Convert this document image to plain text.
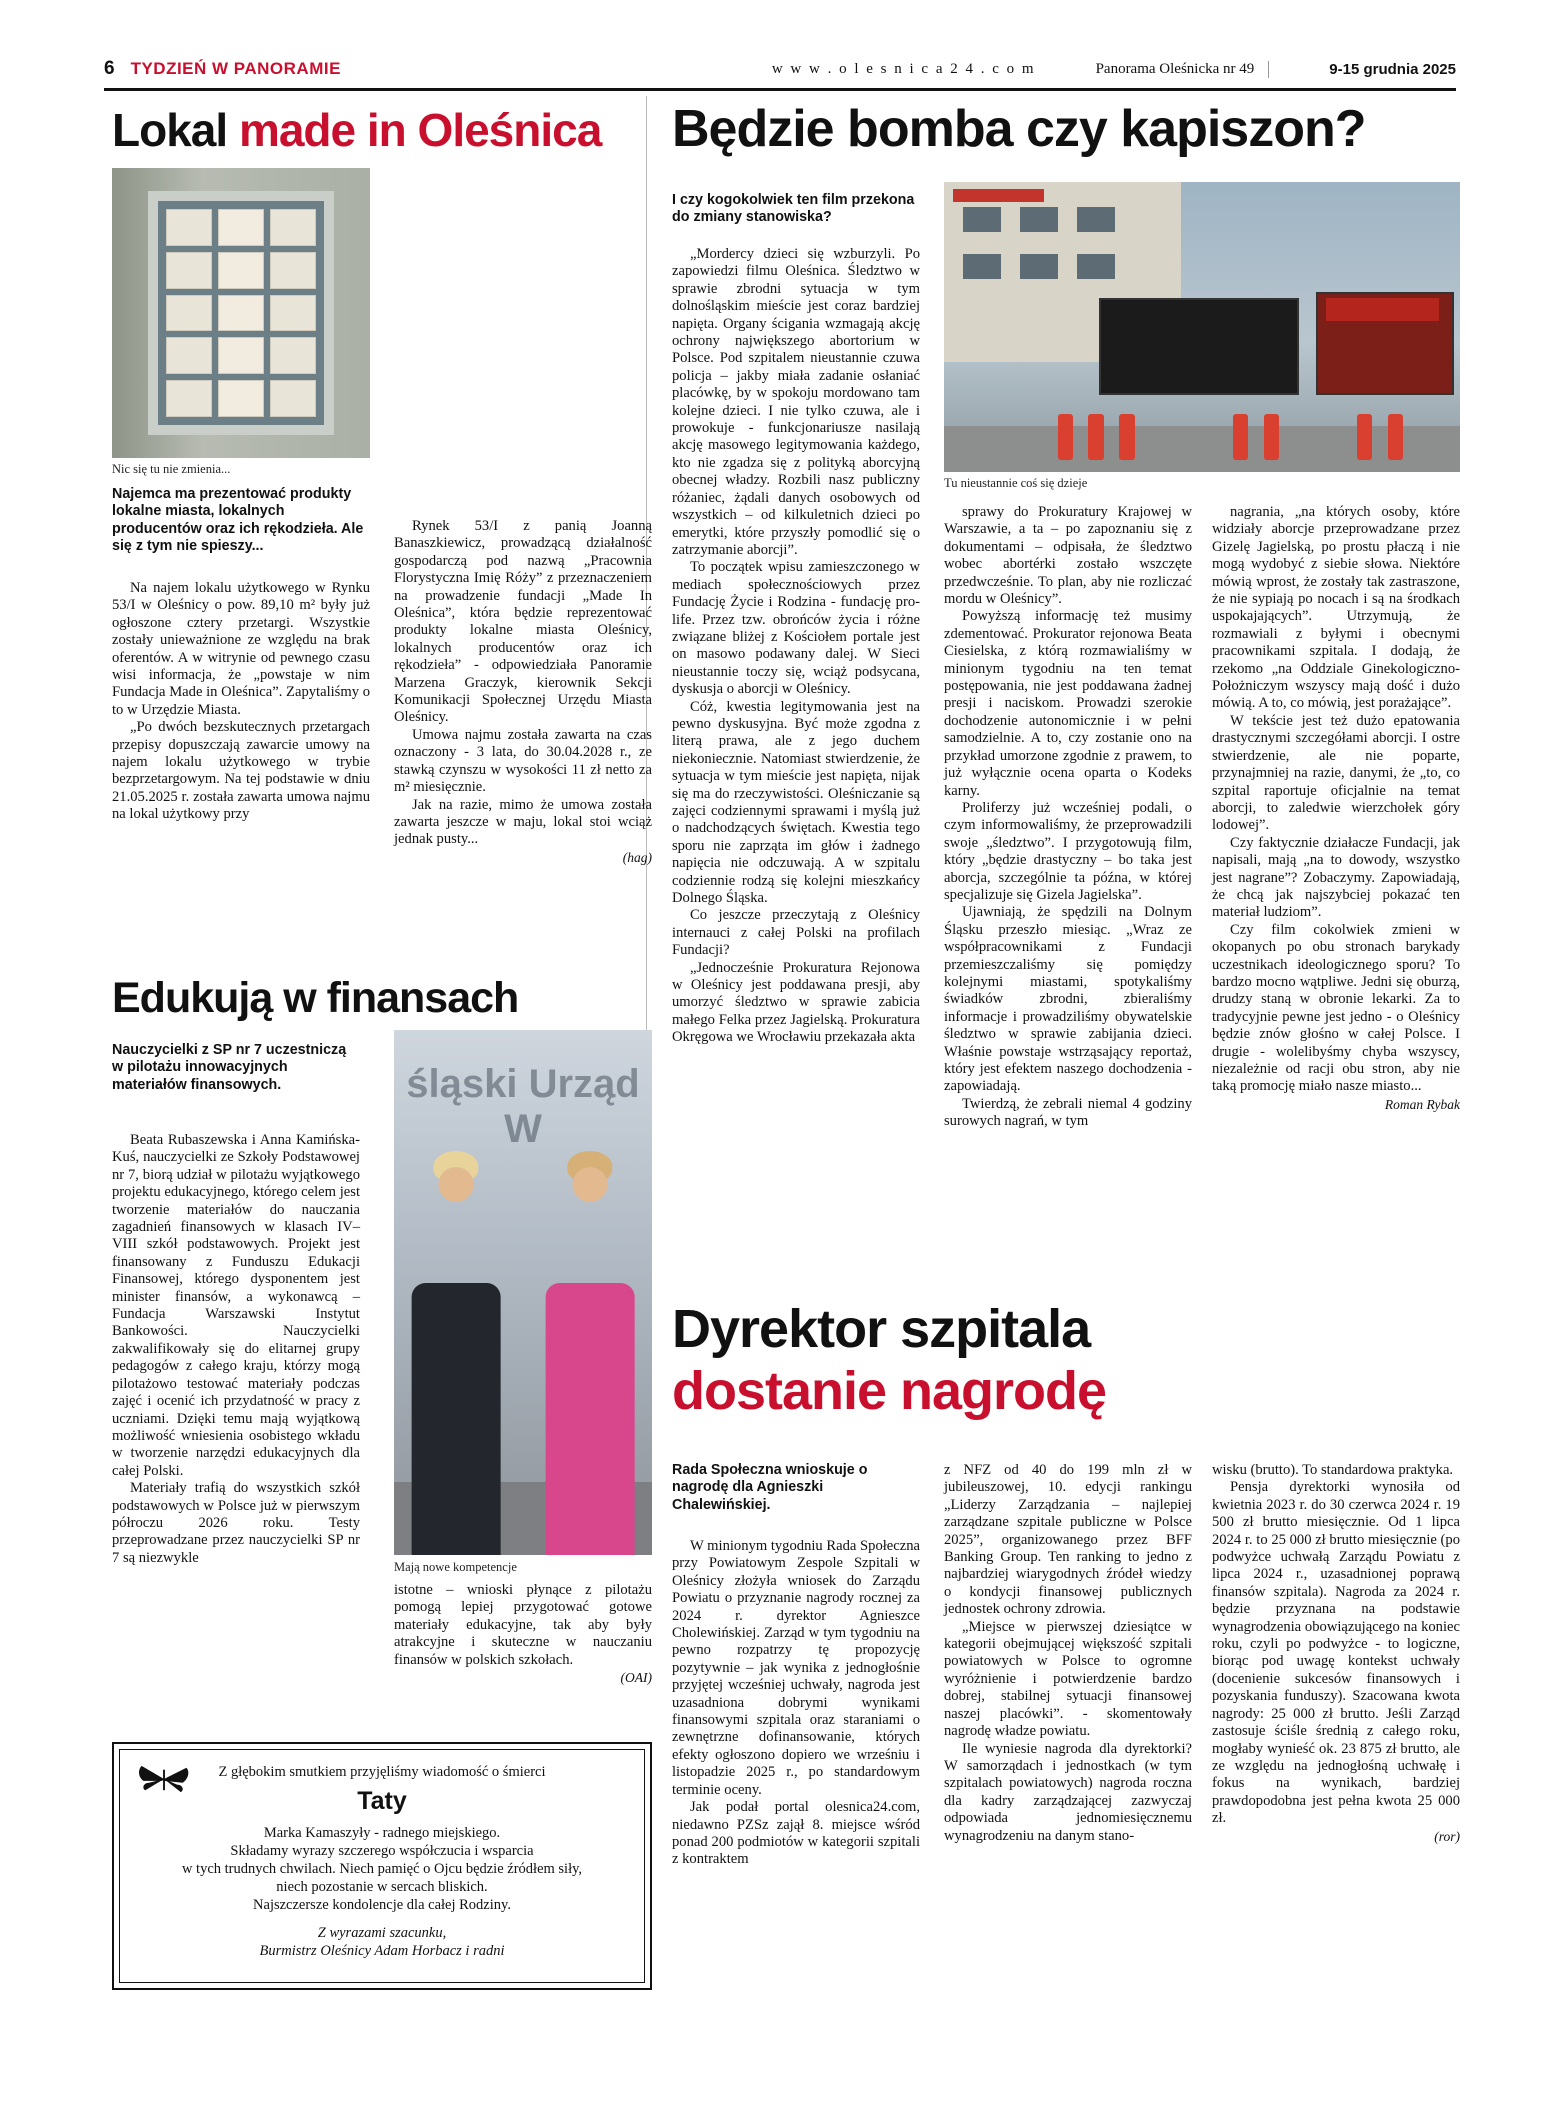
6 TYDZIEŃ W PANORAMIE	w w w . o l e s n i c a 2 4 . c o m	Panorama Oleśnicka nr 49	9-15 grudnia 2025
Lokal made in Oleśnica
Nic się tu nie zmienia...
Najemca ma prezentować produkty lokalne miasta, lokalnych producentów oraz ich rękodzieła. Ale się z tym nie spieszy...

Na najem lokalu użytkowego w Rynku 53/I w Oleśnicy o pow. 89,10 m² były już ogłoszone cztery przetargi. Wszystkie zostały unieważnione ze względu na brak oferentów. A w witrynie od pewnego czasu wisi informacja, że „powstaje w nim Fundacja Made in Oleśnica”. Zapytaliśmy o to w Urzędzie Miasta.

„Po dwóch bezskutecznych przetargach przepisy dopuszczają zawarcie umowy na najem lokalu użytkowego w trybie bezprzetargowym. Na tej podstawie w dniu 21.05.2025 r. została zawarta umowa najmu na lokal użytkowy przy

Rynek 53/I z panią Joanną Banaszkiewicz, prowadzącą działalność gospodarczą pod nazwą „Pracownia Florystyczna Imię Róży” z przeznaczeniem na prowadzenie fundacji „Made In Oleśnica”, która będzie reprezentować produkty lokalne miasta Oleśnicy, lokalnych producentów oraz ich rękodzieła” - odpowiedziała Panoramie Marzena Graczyk, kierownik Sekcji Komunikacji Społecznej Urzędu Miasta Oleśnicy.

Umowa najmu została zawarta na czas oznaczony - 3 lata, do 30.04.2028 r., ze stawką czynszu w wysokości 11 zł netto za m² miesięcznie.

Jak na razie, mimo że umowa została zawarta jeszcze w maju, lokal stoi wciąż jednak pusty...

(hag)

Edukują w finansach
Nauczycielki z SP nr 7 uczestniczą w pilotażu innowacyjnych materiałów finansowych.	śląski Urząd W
Mają nowe kompetencje

Beata Rubaszewska i Anna Kamińska-Kuś, nauczycielki ze Szkoły Podstawowej nr 7, biorą udział w pilotażu wyjątkowego projektu edukacyjnego, którego celem jest tworzenie materiałów do nauczania zagadnień finansowych w klasach IV–VIII szkół podstawowych. Projekt jest finansowany z Funduszu Edukacji Finansowej, którego dysponentem jest minister finansów, a wykonawcą – Fundacja Warszawski Instytut Bankowości. Nauczycielki zakwalifikowały się do elitarnej grupy pedagogów z całego kraju, którzy mogą pilotażowo testować materiały podczas zajęć i ocenić ich przydatność w pracy z uczniami. Dzięki temu mają wyjątkową możliwość wniesienia osobistego wkładu w tworzenie narzędzi edukacyjnych dla całej Polski.

Materiały trafią do wszystkich szkół podstawowych w Polsce już w pierwszym półroczu 2026 roku. Testy przeprowadzane przez nauczycielki SP nr 7 są niezwykle

istotne – wnioski płynące z pilotażu pomogą lepiej przygotować gotowe materiały edukacyjne, tak aby były atrakcyjne i skuteczne w nauczaniu finansów w polskich szkołach.

(OAI)

Będzie bomba czy kapiszon?
Tu nieustannie coś się dzieje
I czy kogokolwiek ten film przekona do zmiany stanowiska?

„Mordercy dzieci się wzburzyli. Po zapowiedzi filmu Oleśnica. Śledztwo w sprawie zbrodni sytuacja w tym dolnośląskim mieście jest coraz bardziej napięta. Organy ścigania wzmagają akcję ochrony największego abortorium w Polsce. Pod szpitalem nieustannie czuwa policja – jakby miała zadanie osłaniać placówkę, by w spokoju mordowano tam kolejne dzieci. I nie tylko czuwa, ale i prowokuje - funkcjonariusze nasilają akcję masowego legitymowania każdego, kto nie zgadza się z polityką aborcyjną obecnej władzy. Rozbili nasz publiczny różaniec, żądali danych osobowych od wszystkich – od kilkuletnich dzieci po emerytki, które przyszły pomodlić się o zatrzymanie aborcji”.

To początek wpisu zamieszczonego w mediach społecznościowych przez Fundację Życie i Rodzina - fundację pro-life. Przez tzw. obrońców życia i różne związane bliżej z Kościołem portale jest on masowo podawany dalej. W Sieci nieustannie toczy się, wciąż podsycana, dyskusja o aborcji w Oleśnicy.

Cóż, kwestia legitymowania jest na pewno dyskusyjna. Być może zgodna z literą prawa, ale z jego duchem niekoniecznie. Natomiast stwierdzenie, że sytuacja w tym mieście jest napięta, nijak się ma do rzeczywistości. Oleśniczanie są zajęci codziennymi sprawami i myślą już o nadchodzących świętach. Kwestia tego sporu nie zaprząta im głów i żadnego napięcia nie odczuwają. A w szpitalu codziennie rodzą się kolejni mieszkańcy Dolnego Śląska.

Co jeszcze przeczytają z Oleśnicy internauci z całej Polski na profilach Fundacji?

„Jednocześnie Prokuratura Rejonowa w Oleśnicy jest poddawana presji, aby umorzyć śledztwo w sprawie zabicia małego Felka przez Jagielską. Prokuratura Okręgowa we Wrocławiu przekazała akta

sprawy do Prokuratury Krajowej w Warszawie, a ta – po zapoznaniu się z dokumentami – odpisała, że śledztwo wobec abortérki zostało wszczęte przedwcześnie. To plan, aby nie rozliczać mordu w Oleśnicy”.

Powyższą informację też musimy zdementować. Prokurator rejonowa Beata Ciesielska, z którą rozmawialiśmy w minionym tygodniu na ten temat postępowania, nie jest poddawana żadnej presji i naciskom. Prowadzi szerokie dochodzenie autonomicznie i w pełni samodzielnie. A to, czy zostanie ono na przykład umorzone zgodnie z prawem, to już wyłącznie ocena oparta o Kodeks karny.

Proliferzy już wcześniej podali, o czym informowaliśmy, że przeprowadzili swoje „śledztwo”. I przygotowują film, który „będzie drastyczny – bo taka jest aborcja, szczególnie ta późna, w której specjalizuje się Gizela Jagielska”.

Ujawniają, że spędzili na Dolnym Śląsku przeszło miesiąc. „Wraz ze współpracownikami z Fundacji przemieszczaliśmy się pomiędzy kolejnymi miastami, spotykaliśmy świadków zbrodni, zbieraliśmy informacje i prowadziliśmy obywatelskie śledztwo w sprawie zabijania dzieci. Właśnie powstaje wstrząsający reportaż, który jest efektem naszego dochodzenia - zapowiadają.

Twierdzą, że zebrali niemal 4 godziny surowych nagrań, w tym

nagrania, „na których osoby, które widziały aborcje przeprowadzane przez Gizelę Jagielską, po prostu płaczą i nie mogą wydobyć z siebie słowa. Niektóre mówią wprost, że zostały tak zastraszone, że nie sypiają po nocach i są na środkach uspokajających”. Utrzymują, że rozmawiali z byłymi i obecnymi pracownikami szpitala. I dodają, że rzekomo „na Oddziale Ginekologiczno-Położniczym wszyscy mają dość i dużo mówią. A to, co mówią, jest porażające”.

W tekście jest też dużo epatowania drastycznymi szczegółami aborcji. I ostre stwierdzenie, ale nie poparte, przynajmniej na razie, danymi, że „to, co szpital raportuje oficjalnie na temat aborcji, to zaledwie wierzchołek góry lodowej”.

Czy faktycznie działacze Fundacji, jak napisali, mają „na to dowody, wszystko jest nagrane”? Zobaczymy. Zapowiadają, że chcą jak najszybciej pokazać ten materiał ludziom”.

Czy film cokolwiek zmieni w okopanych po obu stronach barykady uczestnikach ideologicznego sporu? To bardzo mocno wątpliwe. Jedni się oburzą, drudzy staną w obronie lekarki. Za to tradycyjnie pewne jest jedno - o Oleśnicy będzie znów głośno w całej Polsce. I drugie - wolelibyśmy chyba wszyscy, niezależnie od racji obu stron, aby nie taką promocję miało nasze miasto...

Roman Rybak

Dyrektor szpitala
dostanie nagrodę
Rada Społeczna wnioskuje o nagrodę dla Agnieszki Chalewińskiej.

W minionym tygodniu Rada Społeczna przy Powiatowym Zespole Szpitali w Oleśnicy złożyła wniosek do Zarządu Powiatu o przyznanie nagrody rocznej za 2024 r. dyrektor Agnieszce Cholewińskiej. Zarząd w tym tygodniu na pewno rozpatrzy tę propozycję pozytywnie – jak wynika z jednogłośnie przyjętej wcześniej uchwały, nagroda jest uzasadniona dobrymi wynikami finansowymi szpitala oraz staraniami o zewnętrzne dofinansowanie, których efekty ogłoszono dopiero we wrześniu i listopadzie 2025 r., po standardowym terminie oceny.

Jak podał portal olesnica24.com, niedawno PZSz zajął 8. miejsce wśród ponad 200 podmiotów w kategorii szpitali z kontraktem

z NFZ od 40 do 199 mln zł w jubileuszowej, 10. edycji rankingu „Liderzy Zarządzania – najlepiej zarządzane szpitale publiczne w Polsce 2025”, organizowanego przez BFF Banking Group. Ten ranking to jedno z najbardziej wiarygodnych źródeł wiedzy o kondycji finansowej publicznych jednostek ochrony zdrowia.

„Miejsce w pierwszej dziesiątce w kategorii obejmującej większość szpitali powiatowych w Polsce to ogromne wyróżnienie i potwierdzenie bardzo dobrej, stabilnej sytuacji finansowej naszej placówki”. - skomentowały nagrodę władze powiatu.

Ile wyniesie nagroda dla dyrektorki? W samorządach i jednostkach (w tym szpitalach powiatowych) nagroda roczna dla kadry zarządzającej zazwyczaj odpowiada jednomiesięcznemu wynagrodzeniu na danym stano-

wisku (brutto). To standardowa praktyka.

Pensja dyrektorki wynosiła od kwietnia 2023 r. do 30 czerwca 2024 r. 19 500 zł brutto miesięcznie. Od 1 lipca 2024 r. to 25 000 zł brutto miesięcznie (po podwyżce uchwałą Zarządu Powiatu z lipca 2024 r., uzasadnionej poprawą finansów szpitala). Nagroda za 2024 r. będzie przyznana na podstawie wynagrodzenia obowiązującego na koniec roku, czyli po podwyżce - to logiczne, biorąc pod uwagę kontekst uchwały (docenienie sukcesów finansowych i pozyskania funduszy). Szacowana kwota nagrody: 25 000 zł brutto. Jeśli Zarząd zastosuje ściśle średnią z całego roku, mogłaby wynieść ok. 23 875 zł brutto, ale ze względu na jednogłośną uchwałę i fokus na wynikach, bardziej prawdopodobna jest pełna kwota 25 000 zł.

(ror)

Z głębokim smutkiem przyjęliśmy wiadomość o śmierci
Taty
Marka Kamaszyły - radnego miejskiego.
Składamy wyrazy szczerego współczucia i wsparcia
w tych trudnych chwilach. Niech pamięć o Ojcu będzie źródłem siły,
niech pozostanie w sercach bliskich.
Najszczersze kondolencje dla całej Rodziny.
Z wyrazami szacunku,
Burmistrz Oleśnicy Adam Horbacz i radni
